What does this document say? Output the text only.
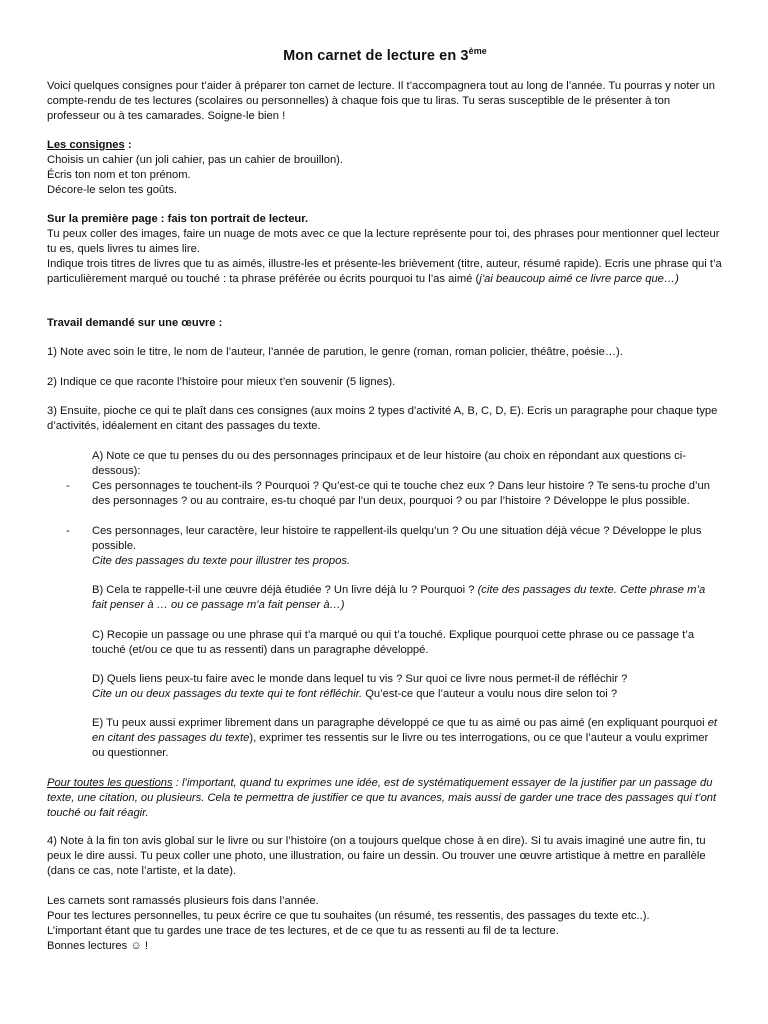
Mon carnet de lecture en 3ème

Voici quelques consignes pour t’aider à préparer ton carnet de lecture. Il t’accompagnera tout au long de l’année. Tu pourras y noter un compte-rendu de tes lectures (scolaires ou personnelles) à chaque fois que tu liras. Tu seras susceptible de le présenter à ton professeur ou à tes camarades. Soigne-le bien !

Les consignes :

Choisis un cahier (un joli cahier, pas un cahier de brouillon).

Écris ton nom et ton prénom.

Décore-le selon tes goûts.

Sur la première page : fais ton portrait de lecteur.

Tu peux coller des images, faire un nuage de mots avec ce que la lecture représente pour toi, des phrases pour mentionner quel lecteur tu es, quels livres tu aimes lire.

Indique trois titres de livres que tu as aimés, illustre-les et présente-les brièvement (titre, auteur, résumé rapide). Ecris une phrase qui t’a particulièrement marqué ou touché : ta phrase préférée ou écrits pourquoi tu l’as aimé (j’ai beaucoup aimé ce livre parce que…)

Travail demandé sur une œuvre :

1) Note avec soin le titre, le nom de l’auteur, l’année de parution, le genre (roman, roman policier, théâtre, poésie…).

2) Indique ce que raconte l’histoire pour mieux t’en souvenir (5 lignes).

3) Ensuite, pioche ce qui te plaît dans ces consignes (aux moins 2 types d’activité A, B, C, D, E). Ecris un paragraphe pour chaque type d’activités, idéalement en citant des passages du texte.

A) Note ce que tu penses du ou des personnages principaux et de leur histoire (au choix en répondant aux questions ci-dessous):

-	Ces personnages te touchent-ils ? Pourquoi ? Qu’est-ce qui te touche chez eux ? Dans leur histoire ? Te sens-tu proche d’un des personnages ? ou au contraire, es-tu choqué par l’un deux, pourquoi ? ou par l’histoire ? Développe le plus possible.

-	Ces personnages, leur caractère, leur histoire te rappellent-ils quelqu’un ? Ou une situation déjà vécue ? Développe le plus possible.

Cite des passages du texte pour illustrer tes propos.

B) Cela te rappelle-t-il une œuvre déjà étudiée ? Un livre déjà lu ? Pourquoi ? (cite des passages du texte. Cette phrase m’a fait penser à … ou ce passage m’a fait penser à…)

C) Recopie un passage ou une phrase qui t’a marqué ou qui t’a touché. Explique pourquoi cette phrase ou ce passage t’a touché (et/ou ce que tu as ressenti) dans un paragraphe développé.

D) Quels liens peux-tu faire avec le monde dans lequel tu vis ? Sur quoi ce livre nous permet-il de réfléchir ?

Cite un ou deux passages du texte qui te font réfléchir. Qu’est-ce que l’auteur a voulu nous dire selon toi ?

E) Tu peux aussi exprimer librement dans un paragraphe développé ce que tu as aimé ou pas aimé (en expliquant pourquoi et en citant des passages du texte), exprimer tes ressentis sur le livre ou tes interrogations, ou ce que l’auteur a voulu exprimer ou questionner.

Pour toutes les questions : l’important, quand tu exprimes une idée, est de systématiquement essayer de la justifier par un passage du texte, une citation, ou plusieurs. Cela te permettra de justifier ce que tu avances, mais aussi de garder une trace des passages qui t’ont touché ou fait réagir.

4) Note à la fin ton avis global sur le livre ou sur l’histoire (on a toujours quelque chose à en dire). Si tu avais imaginé une autre fin, tu peux le dire aussi. Tu peux coller une photo, une illustration, ou faire un dessin. Ou trouver une œuvre artistique à mettre en parallèle (dans ce cas, note l’artiste, et la date).

Les carnets sont ramassés plusieurs fois dans l’année.

Pour tes lectures personnelles, tu peux écrire ce que tu souhaites (un résumé, tes ressentis, des passages du texte etc..).

L’important étant que tu gardes une trace de tes lectures, et de ce que tu as ressenti au fil de ta lecture.

Bonnes lectures ☺ !
